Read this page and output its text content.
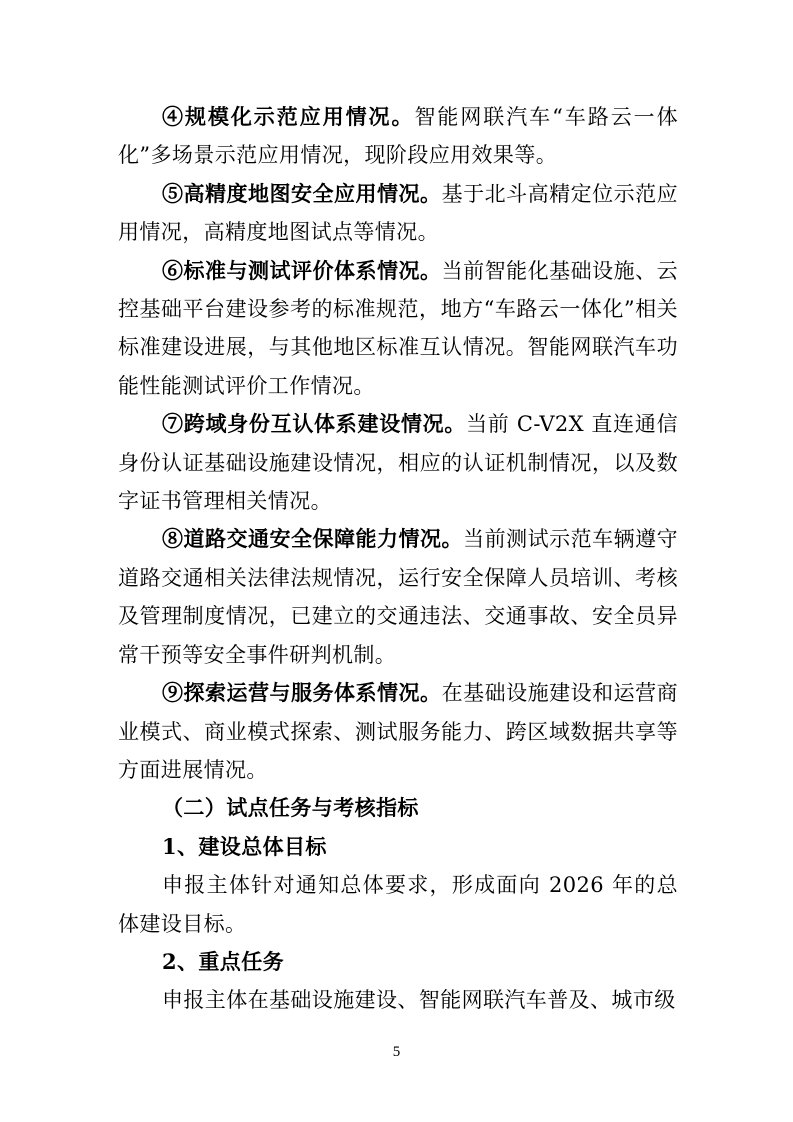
④规模化示范应用情况。智能网联汽车“车路云一体化”多场景示范应用情况，现阶段应用效果等。

⑤高精度地图安全应用情况。基于北斗高精定位示范应用情况，高精度地图试点等情况。

⑥标准与测试评价体系情况。当前智能化基础设施、云控基础平台建设参考的标准规范，地方“车路云一体化”相关标准建设进展，与其他地区标准互认情况。智能网联汽车功能性能测试评价工作情况。

⑦跨域身份互认体系建设情况。当前 C-V2X 直连通信身份认证基础设施建设情况，相应的认证机制情况，以及数字证书管理相关情况。

⑧道路交通安全保障能力情况。当前测试示范车辆遵守道路交通相关法律法规情况，运行安全保障人员培训、考核及管理制度情况，已建立的交通违法、交通事故、安全员异常干预等安全事件研判机制。

⑨探索运营与服务体系情况。在基础设施建设和运营商业模式、商业模式探索、测试服务能力、跨区域数据共享等方面进展情况。

（二）试点任务与考核指标

1、建设总体目标

申报主体针对通知总体要求，形成面向 2026 年的总体建设目标。

2、重点任务

申报主体在基础设施建设、智能网联汽车普及、城市级

5
